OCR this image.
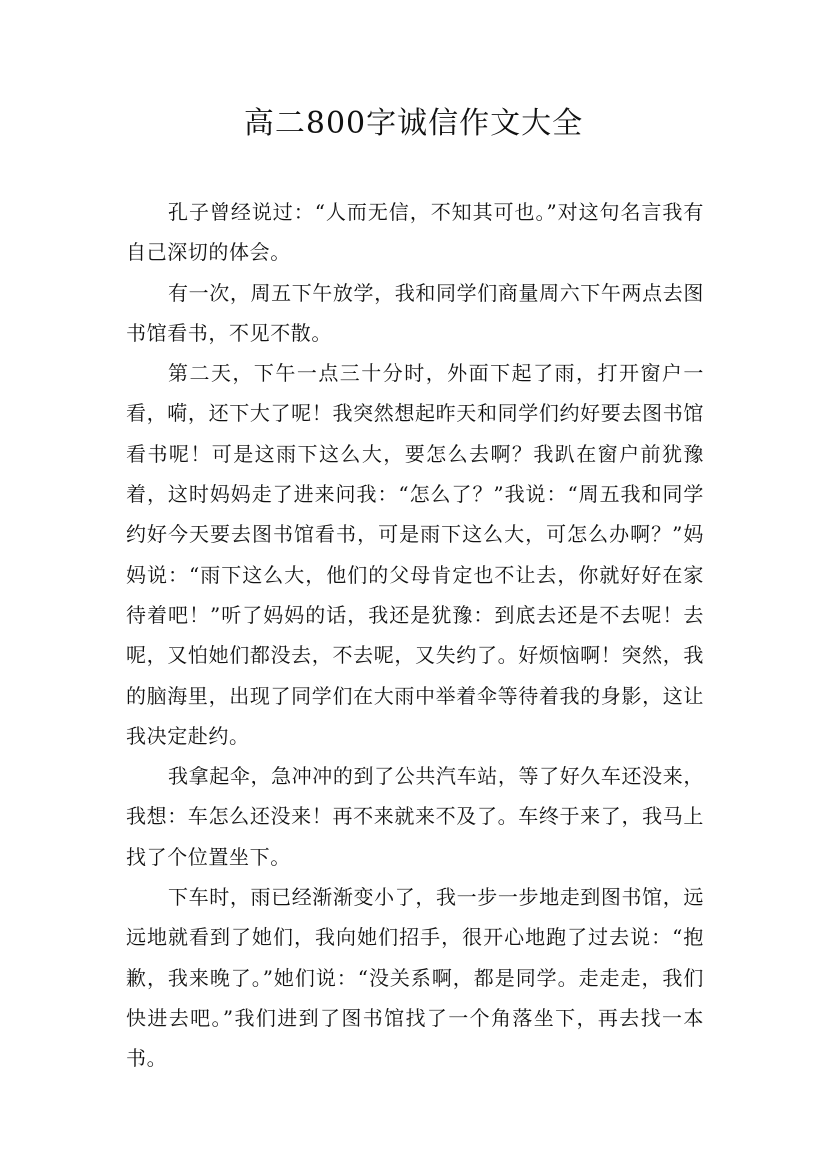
高二800字诚信作文大全

孔子曾经说过：“人而无信，不知其可也。”对这句名言我有自己深切的体会。

有一次，周五下午放学，我和同学们商量周六下午两点去图书馆看书，不见不散。

第二天，下午一点三十分时，外面下起了雨，打开窗户一看，嗬，还下大了呢！我突然想起昨天和同学们约好要去图书馆看书呢！可是这雨下这么大，要怎么去啊？我趴在窗户前犹豫着，这时妈妈走了进来问我：“怎么了？”我说：“周五我和同学约好今天要去图书馆看书，可是雨下这么大，可怎么办啊？”妈妈说：“雨下这么大，他们的父母肯定也不让去，你就好好在家待着吧！”听了妈妈的话，我还是犹豫：到底去还是不去呢！去呢，又怕她们都没去，不去呢，又失约了。好烦恼啊！突然，我的脑海里，出现了同学们在大雨中举着伞等待着我的身影，这让我决定赴约。

我拿起伞，急冲冲的到了公共汽车站，等了好久车还没来，我想：车怎么还没来！再不来就来不及了。车终于来了，我马上找了个位置坐下。

下车时，雨已经渐渐变小了，我一步一步地走到图书馆，远远地就看到了她们，我向她们招手，很开心地跑了过去说：“抱歉，我来晚了。”她们说：“没关系啊，都是同学。走走走，我们快进去吧。”我们进到了图书馆找了一个角落坐下，再去找一本书。
